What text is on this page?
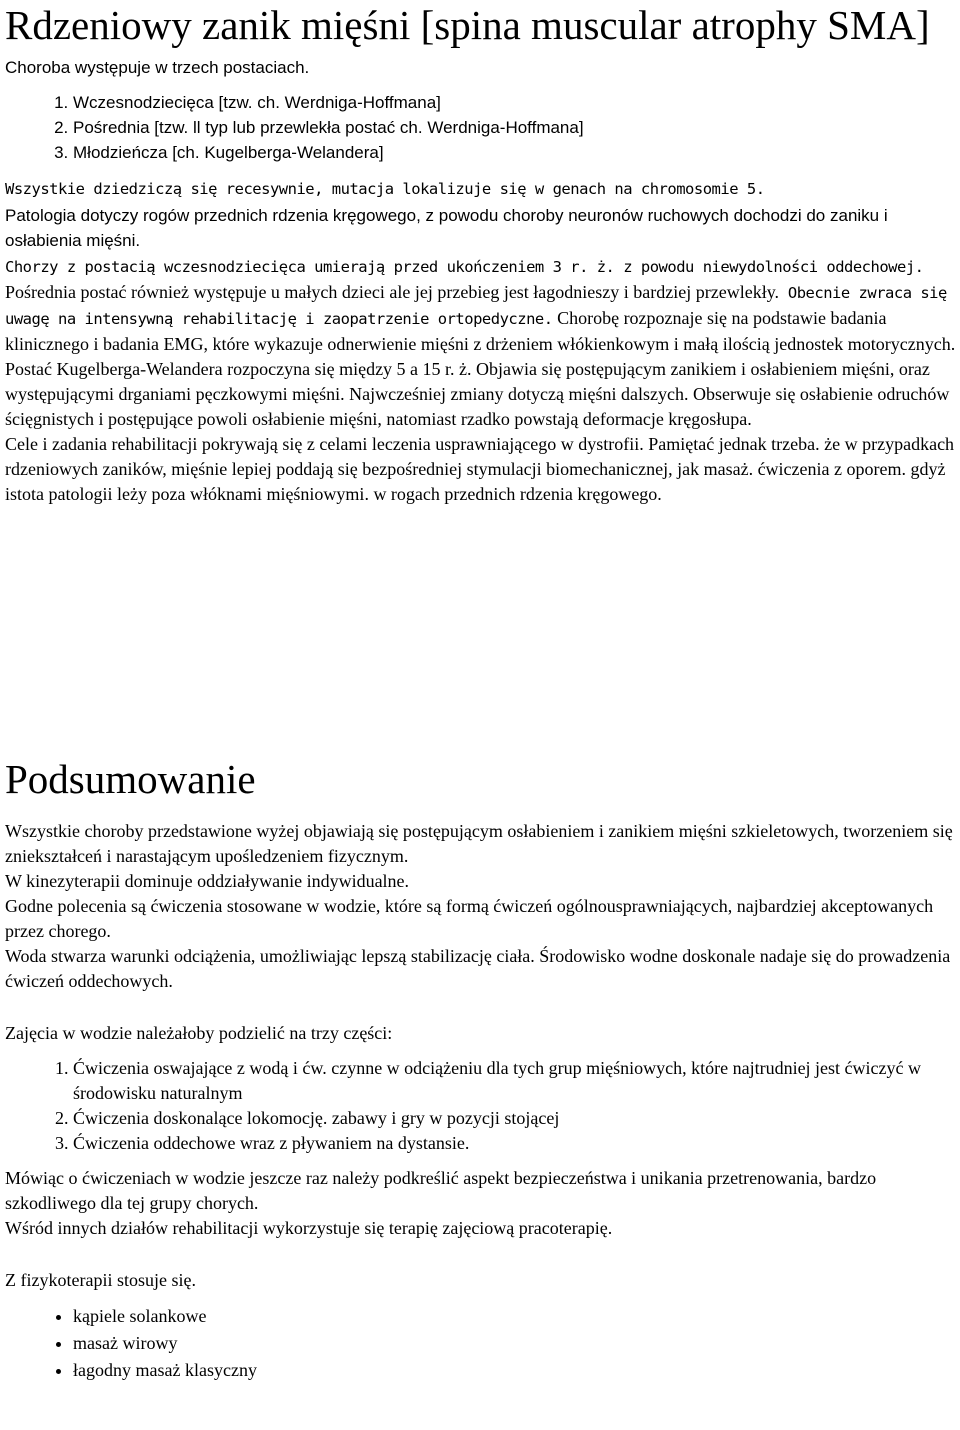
Rdzeniowy zanik mięśni [spina muscular atrophy SMA]

Choroba występuje w trzech postaciach.

1. Wczesnodziecięca [tzw. ch. Werdniga-Hoffmana]
2. Pośrednia [tzw. ll typ lub przewlekła postać ch. Werdniga-Hoffmana]
3. Młodzieńcza [ch. Kugelberga-Welandera]

Wszystkie dziedziczą się recesywnie, mutacja lokalizuje się w genach na chromosomie 5.

Patologia dotyczy rogów przednich rdzenia kręgowego, z powodu choroby neuronów ruchowych dochodzi do zaniku i osłabienia mięśni.

Chorzy z postacią wczesnodziecięca umierają przed ukończeniem 3 r. ż. z powodu niewydolności oddechowej. Pośrednia postać również występuje u małych dzieci ale jej przebieg jest łagodnieszy i bardziej przewlekły. Obecnie zwraca się uwagę na intensywną rehabilitację i zaopatrzenie ortopedyczne. Chorobę rozpoznaje się na podstawie badania klinicznego i badania EMG, które wykazuje odnerwienie mięśni z drżeniem włókienkowym i małą ilością jednostek motorycznych. Postać Kugelberga-Welandera rozpoczyna się między 5 a 15 r. ż. Objawia się postępującym zanikiem i osłabieniem mięśni, oraz występującymi drganiami pęczkowymi mięśni. Najwcześniej zmiany dotyczą mięśni dalszych. Obserwuje się osłabienie odruchów ścięgnistych i postępujące powoli osłabienie mięśni, natomiast rzadko powstają deformacje kręgosłupa.

Cele i zadania rehabilitacji pokrywają się z celami leczenia usprawniającego w dystrofii. Pamiętać jednak trzeba. że w przypadkach rdzeniowych zaników, mięśnie lepiej poddają się bezpośredniej stymulacji biomechanicznej, jak masaż. ćwiczenia z oporem. gdyż istota patologii leży poza włóknami mięśniowymi. w rogach przednich rdzenia kręgowego.

Podsumowanie

Wszystkie choroby przedstawione wyżej objawiają się postępującym osłabieniem i zanikiem mięśni szkieletowych, tworzeniem się zniekształceń i narastającym upośledzeniem fizycznym.

W kinezyterapii dominuje oddziaływanie indywidualne.

Godne polecenia są ćwiczenia stosowane w wodzie, które są formą ćwiczeń ogólnousprawniających, najbardziej akceptowanych przez chorego.

Woda stwarza warunki odciążenia, umożliwiając lepszą stabilizację ciała. Środowisko wodne doskonale nadaje się do prowadzenia ćwiczeń oddechowych.

Zajęcia w wodzie należałoby podzielić na trzy części:

1. Ćwiczenia oswajające z wodą i ćw. czynne w odciążeniu dla tych grup mięśniowych, które najtrudniej jest ćwiczyć w środowisku naturalnym
2. Ćwiczenia doskonalące lokomocję. zabawy i gry w pozycji stojącej
3. Ćwiczenia oddechowe wraz z pływaniem na dystansie.

Mówiąc o ćwiczeniach w wodzie jeszcze raz należy podkreślić aspekt bezpieczeństwa i unikania przetrenowania, bardzo szkodliwego dla tej grupy chorych.

Wśród innych działów rehabilitacji wykorzystuje się terapię zajęciową pracoterapię.

Z fizykoterapii stosuje się.

• kąpiele solankowe
• masaż wirowy
• łagodny masaż klasyczny
